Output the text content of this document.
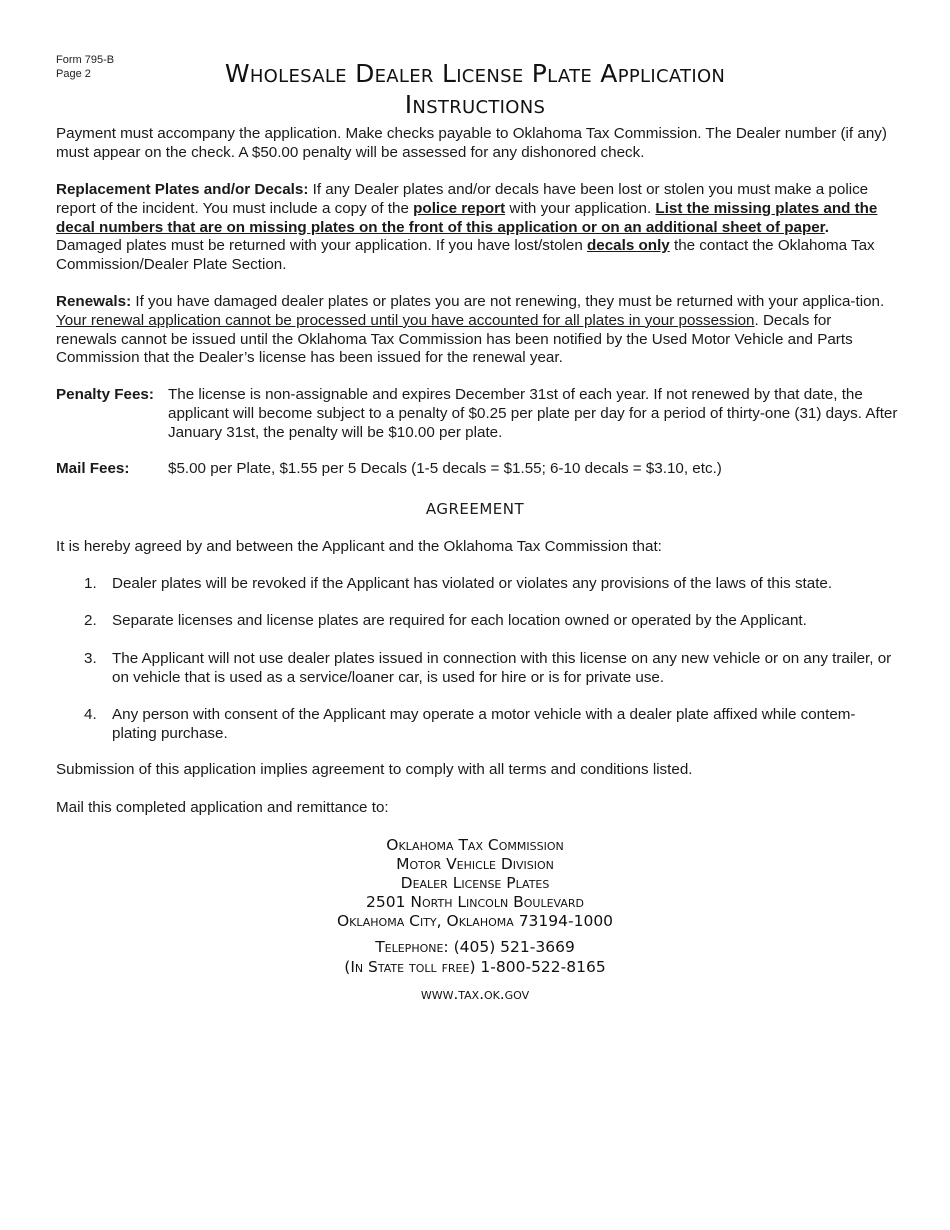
Form 795-B
Page 2	Wholesale Dealer License Plate Application
Instructions

Payment must accompany the application. Make checks payable to Oklahoma Tax Commission. The Dealer number (if any) must appear on the check. A $50.00 penalty will be assessed for any dishonored check.

Replacement Plates and/or Decals: If any Dealer plates and/or decals have been lost or stolen you must make a police report of the incident. You must include a copy of the police report with your application. List the missing plates and the decal numbers that are on missing plates on the front of this application or on an additional sheet of paper. Damaged plates must be returned with your application. If you have lost/stolen decals only the contact the Oklahoma Tax Commission/Dealer Plate Section.

Renewals: If you have damaged dealer plates or plates you are not renewing, they must be returned with your applica-tion. Your renewal application cannot be processed until you have accounted for all plates in your possession. Decals for renewals cannot be issued until the Oklahoma Tax Commission has been notified by the Used Motor Vehicle and Parts Commission that the Dealer’s license has been issued for the renewal year.

Penalty Fees: The license is non-assignable and expires December 31st of each year. If not renewed by that date, the applicant will become subject to a penalty of $0.25 per plate per day for a period of thirty-one (31) days. After January 31st, the penalty will be $10.00 per plate.
Mail Fees:	$5.00 per Plate, $1.55 per 5 Decals (1-5 decals = $1.55; 6-10 decals = $3.10, etc.)
AGREEMENT

It is hereby agreed by and between the Applicant and the Oklahoma Tax Commission that:

1. Dealer plates will be revoked if the Applicant has violated or violates any provisions of the laws of this state.
2. Separate licenses and license plates are required for each location owned or operated by the Applicant.
3. The Applicant will not use dealer plates issued in connection with this license on any new vehicle or on any trailer, or on vehicle that is used as a service/loaner car, is used for hire or is for private use.
4. Any person with consent of the Applicant may operate a motor vehicle with a dealer plate affixed while contem-plating purchase.

Submission of this application implies agreement to comply with all terms and conditions listed.

Mail this completed application and remittance to:

Oklahoma Tax Commission
Motor Vehicle Division
Dealer License Plates
2501 North Lincoln Boulevard
Oklahoma City, Oklahoma 73194-1000
Telephone: (405) 521-3669
(In State toll free) 1-800-522-8165
www.tax.ok.gov
